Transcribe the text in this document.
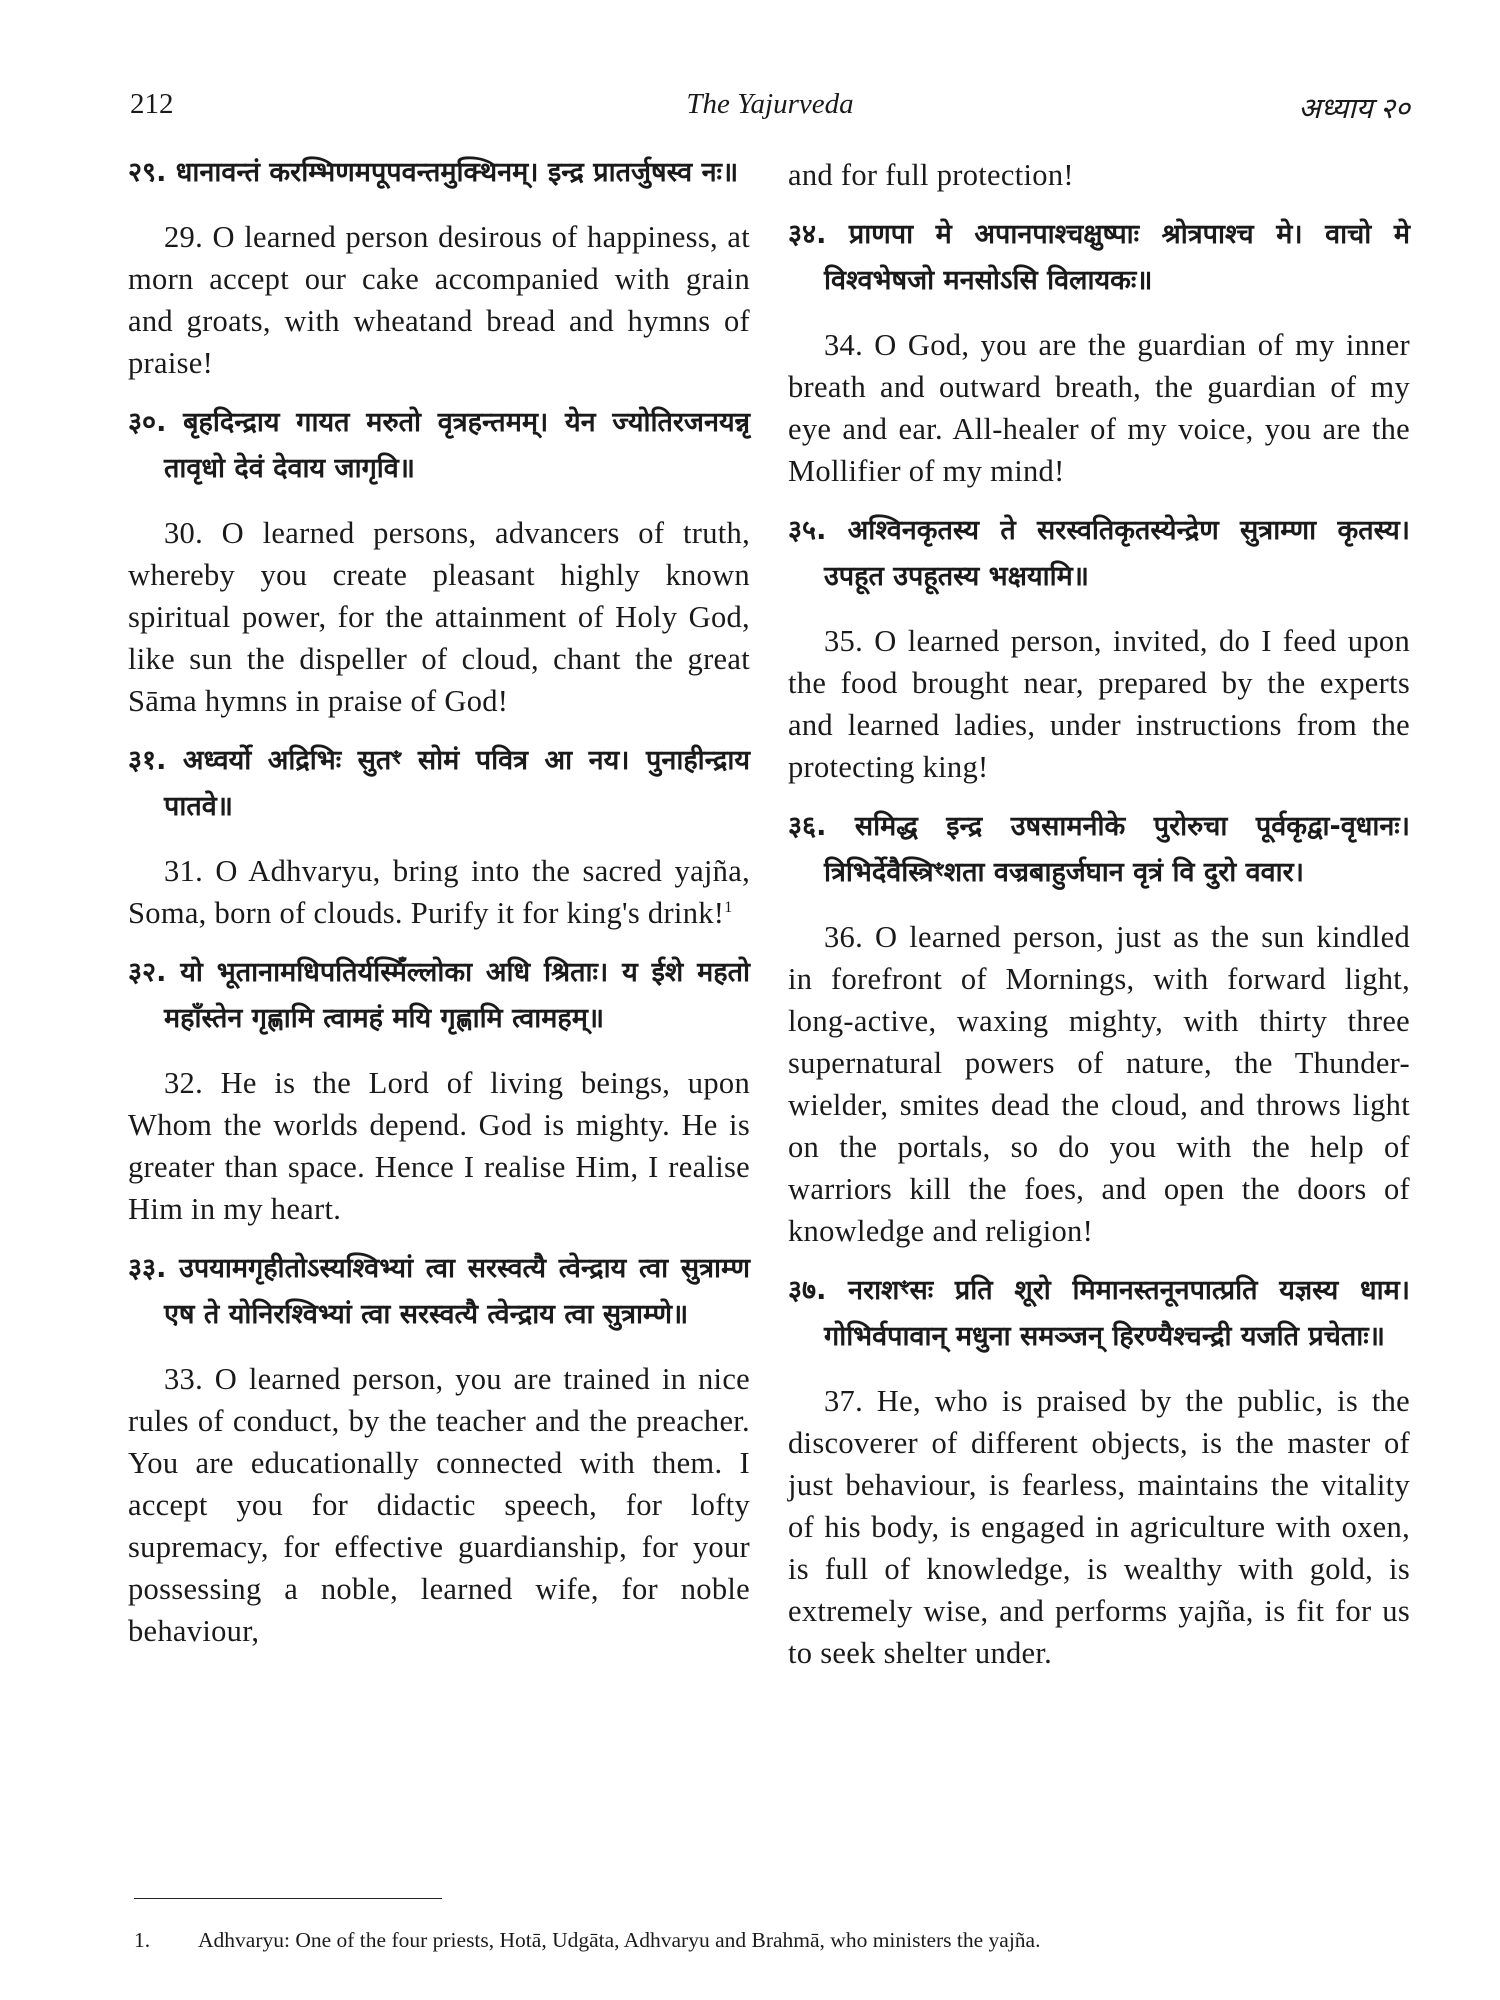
212	The Yajurveda	अध्याय २०

२९. धानावन्तं करम्भिणमपूपवन्तमुक्थिनम्। इन्द्र प्रातर्जुषस्व नः॥

29. O learned person desirous of happiness, at morn accept our cake accompanied with grain and groats, with wheatand bread and hymns of praise!

३०. बृहदिन्द्राय गायत मरुतो वृत्रहन्तमम्। येन ज्योतिरजनयन्नृ तावृधो देवं देवाय जागृवि॥

30. O learned persons, advancers of truth, whereby you create pleasant highly known spiritual power, for the attainment of Holy God, like sun the dispeller of cloud, chant the great Sāma hymns in praise of God!

३१. अध्वर्यो अद्रिभिः सुतꣳ सोमं पवित्र आ नय। पुनाहीन्द्राय पातवे॥

31. O Adhvaryu, bring into the sacred yajña, Soma, born of clouds. Purify it for king's drink!$^1$

३२. यो भूतानामधिपतिर्यस्मिँल्लोका अधि श्रिताः। य ईशे महतो महाँस्तेन गृह्णामि त्वामहं मयि गृह्णामि त्वामहम्॥

32. He is the Lord of living beings, upon Whom the worlds depend. God is mighty. He is greater than space. Hence I realise Him, I realise Him in my heart.

३३. उपयामगृहीतोऽस्यश्विभ्यां त्वा सरस्वत्यै त्वेन्द्राय त्वा सुत्राम्ण एष ते योनिरश्विभ्यां त्वा सरस्वत्यै त्वेन्द्राय त्वा सुत्राम्णे॥

33. O learned person, you are trained in nice rules of conduct, by the teacher and the preacher. You are educationally connected with them. I accept you for didactic speech, for lofty supremacy, for effective guardianship, for your possessing a noble, learned wife, for noble behaviour,

and for full protection!

३४. प्राणपा मे अपानपाश्चक्षुष्पाः श्रोत्रपाश्च मे। वाचो मे विश्वभेषजो मनसोऽसि विलायकः॥

34. O God, you are the guardian of my inner breath and outward breath, the guardian of my eye and ear. All-healer of my voice, you are the Mollifier of my mind!

३५. अश्विनकृतस्य ते सरस्वतिकृतस्येन्द्रेण सुत्राम्णा कृतस्य। उपहूत उपहूतस्य भक्षयामि॥

35. O learned person, invited, do I feed upon the food brought near, prepared by the experts and learned ladies, under instructions from the protecting king!

३६. समिद्ध इन्द्र उषसामनीके पुरोरुचा पूर्वकृद्वा-वृधानः। त्रिभिर्देवैस्त्रिꣳशता वज्रबाहुर्जघान वृत्रं वि दुरो ववार।

36. O learned person, just as the sun kindled in forefront of Mornings, with forward light, long-active, waxing mighty, with thirty three supernatural powers of nature, the Thunder-wielder, smites dead the cloud, and throws light on the portals, so do you with the help of warriors kill the foes, and open the doors of knowledge and religion!

३७. नराशꣳसः प्रति शूरो मिमानस्तनूनपात्प्रति यज्ञस्य धाम। गोभिर्वपावान् मधुना समञ्जन् हिरण्यैश्चन्द्री यजति प्रचेताः॥

37. He, who is praised by the public, is the discoverer of different objects, is the master of just behaviour, is fearless, maintains the vitality of his body, is engaged in agriculture with oxen, is full of knowledge, is wealthy with gold, is extremely wise, and performs yajña, is fit for us to seek shelter under.

1. Adhvaryu: One of the four priests, Hotā, Udgāta, Adhvaryu and Brahmā, who ministers the yajña.
